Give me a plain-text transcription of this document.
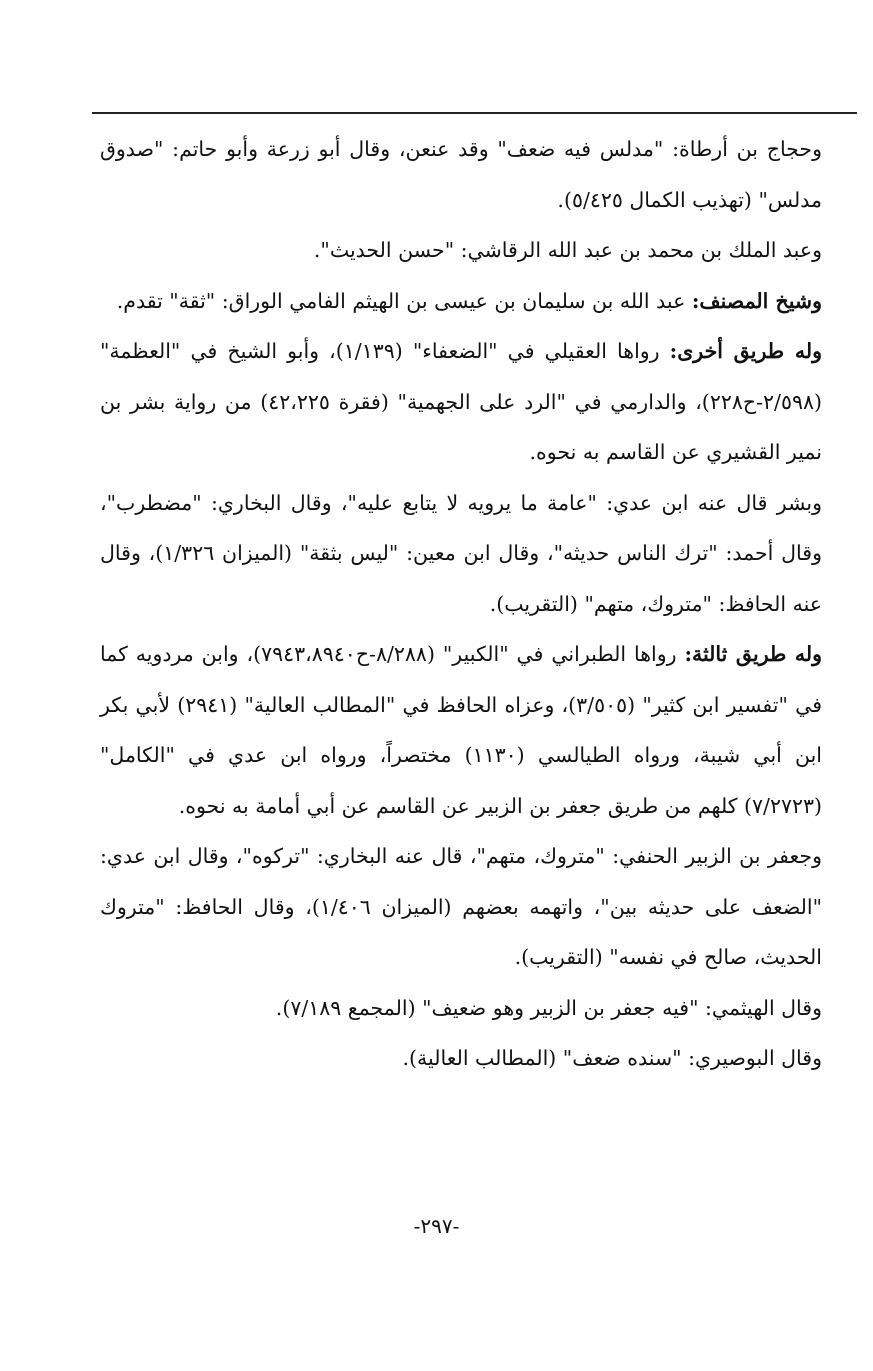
وحجاج بن أرطاة: "مدلس فيه ضعف" وقد عنعن، وقال أبو زرعة وأبو حاتم: "صدوق مدلس" (تهذيب الكمال ٥/٤٢٥).

وعبد الملك بن محمد بن عبد الله الرقاشي: "حسن الحديث".

وشيخ المصنف: عبد الله بن سليمان بن عيسى بن الهيثم الفامي الوراق: "ثقة" تقدم.

وله طريق أخرى: رواها العقيلي في "الضعفاء" (١/١٣٩)، وأبو الشيخ في "العظمة" (٢/٥٩٨-ح٢٢٨)، والدارمي في "الرد على الجهمية" (فقرة ٤٢،٢٢٥) من رواية بشر بن نمير القشيري عن القاسم به نحوه.

وبشر قال عنه ابن عدي: "عامة ما يرويه لا يتابع عليه"، وقال البخاري: "مضطرب"، وقال أحمد: "ترك الناس حديثه"، وقال ابن معين: "ليس بثقة" (الميزان ١/٣٢٦)، وقال عنه الحافظ: "متروك، متهم" (التقريب).

وله طريق ثالثة: رواها الطبراني في "الكبير" (٨/٢٨٨-ح٧٩٤٣،٨٩٤٠)، وابن مردويه كما في "تفسير ابن كثير" (٣/٥٠٥)، وعزاه الحافظ في "المطالب العالية" (٢٩٤١) لأبي بكر ابن أبي شيبة، ورواه الطيالسي (١١٣٠) مختصراً، ورواه ابن عدي في "الكامل" (٧/٢٧٢٣) كلهم من طريق جعفر بن الزبير عن القاسم عن أبي أمامة به نحوه.

وجعفر بن الزبير الحنفي: "متروك، متهم"، قال عنه البخاري: "تركوه"، وقال ابن عدي: "الضعف على حديثه بين"، واتهمه بعضهم (الميزان ١/٤٠٦)، وقال الحافظ: "متروك الحديث، صالح في نفسه" (التقريب).

وقال الهيثمي: "فيه جعفر بن الزبير وهو ضعيف" (المجمع ٧/١٨٩).

وقال البوصيري: "سنده ضعف" (المطالب العالية).

-٢٩٧-
